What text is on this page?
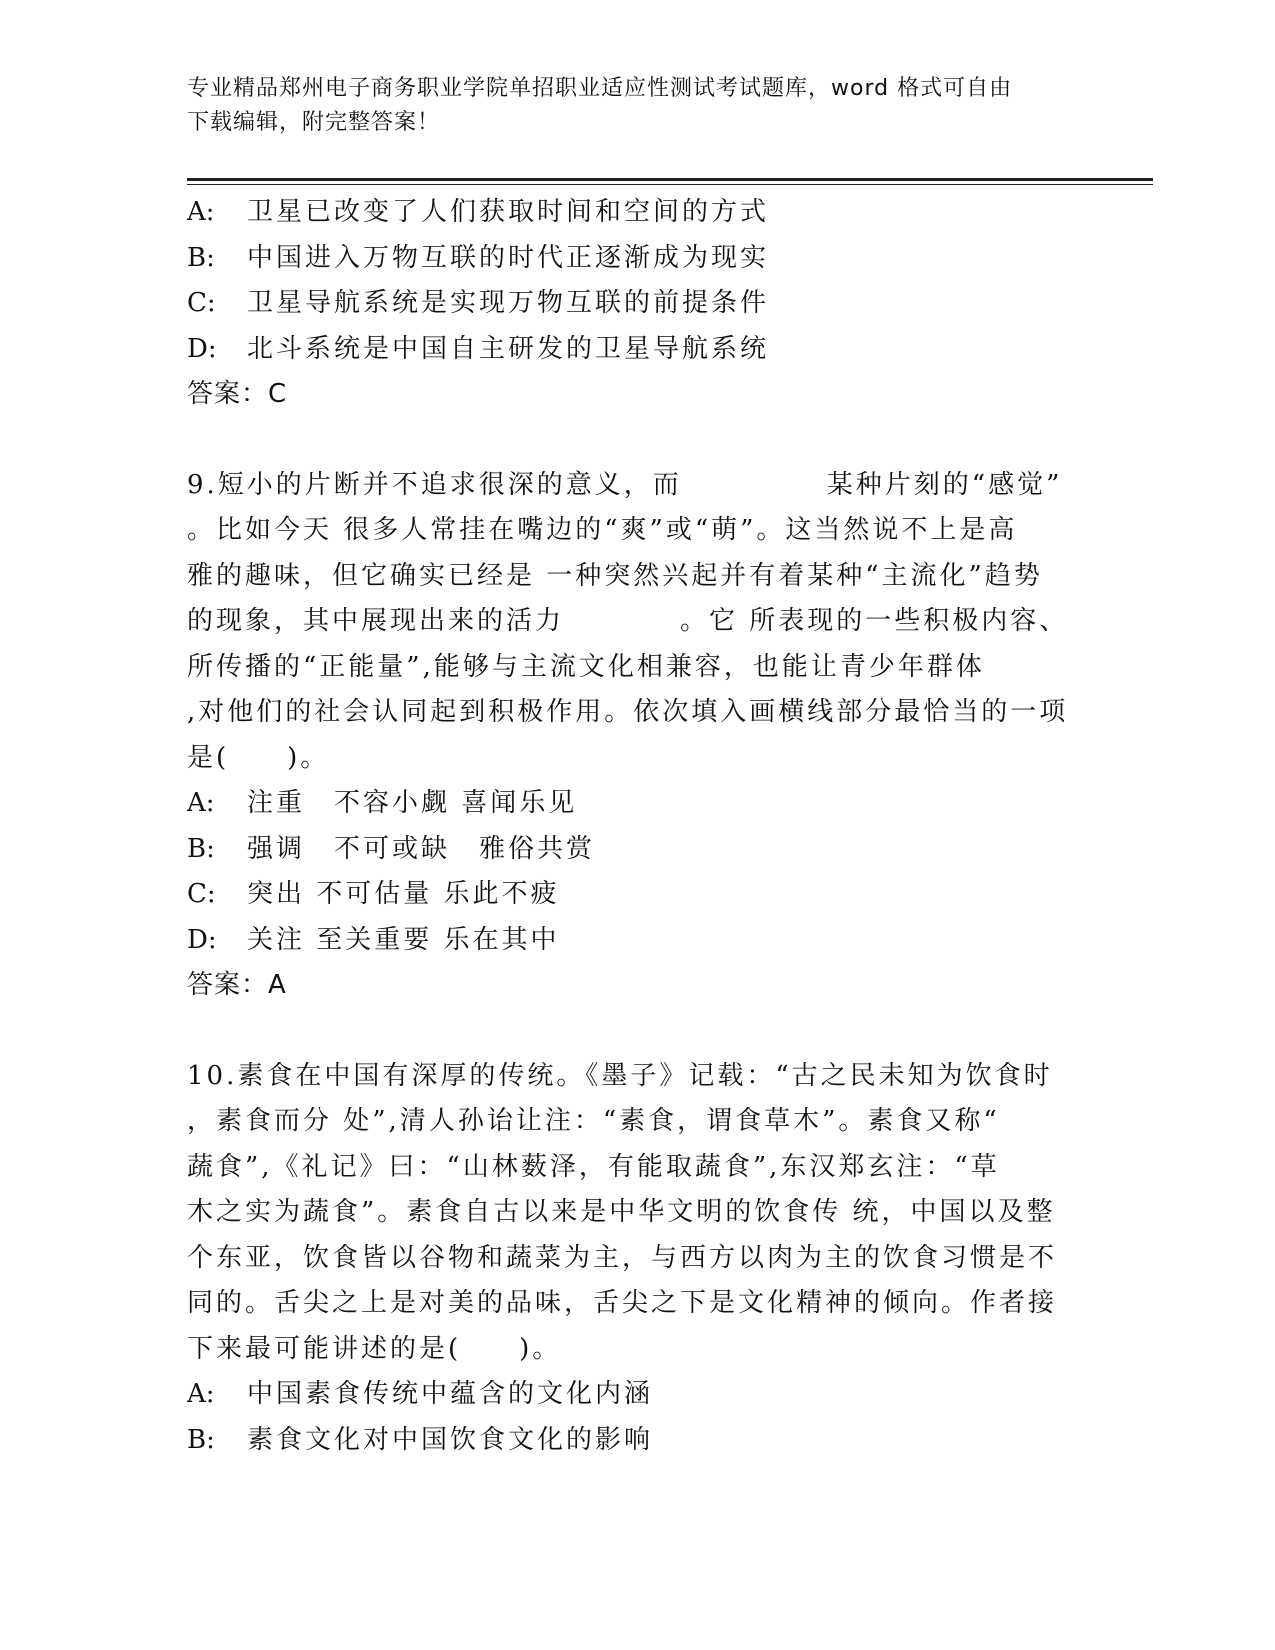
专业精品郑州电子商务职业学院单招职业适应性测试考试题库，word 格式可自由
下载编辑，附完整答案！
A: 卫星已改变了人们获取时间和空间的方式
B: 中国进入万物互联的时代正逐渐成为现实
C: 卫星导航系统是实现万物互联的前提条件
D: 北斗系统是中国自主研发的卫星导航系统
答案：C
9.短小的片断并不追求很深的意义，而　　　　　某种片刻的“感觉”
。比如今天 很多人常挂在嘴边的“爽”或“萌”。这当然说不上是高
雅的趣味，但它确实已经是 一种突然兴起并有着某种“主流化”趋势
的现象，其中展现出来的活力　　　　。它 所表现的一些积极内容、
所传播的“正能量”,能够与主流文化相兼容，也能让青少年群体
,对他们的社会认同起到积极作用。依次填入画横线部分最恰当的一项
是(　　)。
A: 注重　不容小觑 喜闻乐见
B: 强调　不可或缺　雅俗共赏
C: 突出 不可估量 乐此不疲
D: 关注 至关重要 乐在其中
答案：A
10.素食在中国有深厚的传统。《墨子》记载：“古之民未知为饮食时
，素食而分 处”,清人孙诒让注：“素食，谓食草木”。素食又称“
蔬食”,《礼记》曰：“山林薮泽，有能取蔬食”,东汉郑玄注：“草
木之实为蔬食”。素食自古以来是中华文明的饮食传 统，中国以及整
个东亚，饮食皆以谷物和蔬菜为主，与西方以肉为主的饮食习惯是不
同的。舌尖之上是对美的品味，舌尖之下是文化精神的倾向。作者接
下来最可能讲述的是(　　)。
A: 中国素食传统中蕴含的文化内涵
B: 素食文化对中国饮食文化的影响
